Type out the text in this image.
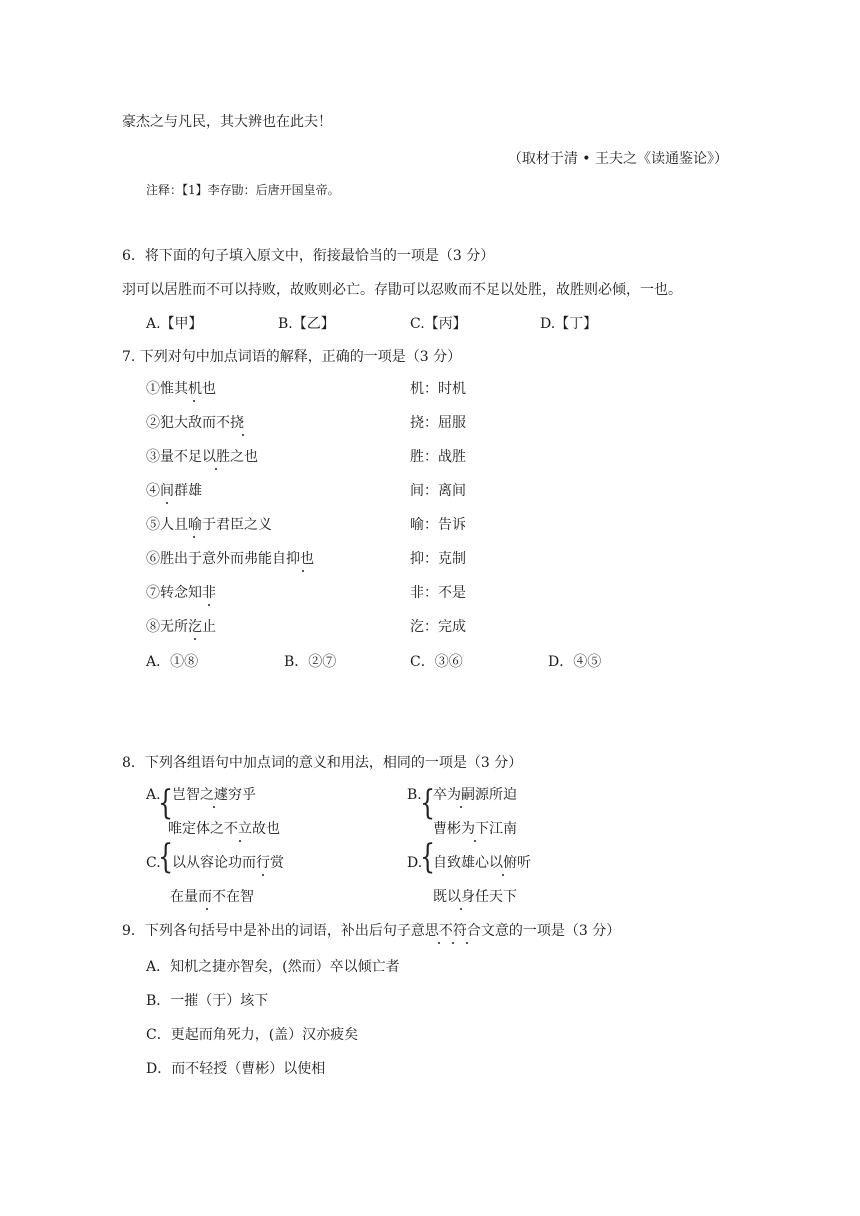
豪杰之与凡民，其大辨也在此夫！
（取材于清 • 王夫之《读通鉴论》）
注释：【1】李存勖：后唐开国皇帝。
6．将下面的句子填入原文中，衔接最恰当的一项是（3 分）
羽可以居胜而不可以持败，故败则必亡。存勖可以忍败而不足以处胜，故胜则必倾，一也。
A.【甲】	B.【乙】	C.【丙】	D.【丁】
7. 下列对句中加点词语的解释，正确的一项是（3 分）
①惟其机也	机：时机
②犯大敌而不挠	挠：屈服
③量不足以胜之也	胜：战胜
④间群雄	间：离间
⑤人且喻于君臣之义	喻：告诉
⑥胜出于意外而弗能自抑也	抑：克制
⑦转念知非	非：不是
⑧无所汔止	汔：完成
A．①⑧	B．②⑦	C．③⑥	D．④⑤
8．下列各组语句中加点词的意义和用法，相同的一项是（3 分）
A.
{
岂智之遽穷乎
唯定体之不立故也
B.
{
卒为嗣源所迫
曹彬为下江南
C.
{
以从容论功而行赏
在量而不在智
D.
{
自致雄心以俯听
既以身任天下
9．下列各句括号中是补出的词语，补出后句子意思不符合文意的一项是（3 分）
A．知机之捷亦智矣，(然而）卒以倾亡者
B．一摧（于）垓下
C．更起而角死力，(盖）汉亦疲矣
D．而不轻授（曹彬）以使相
